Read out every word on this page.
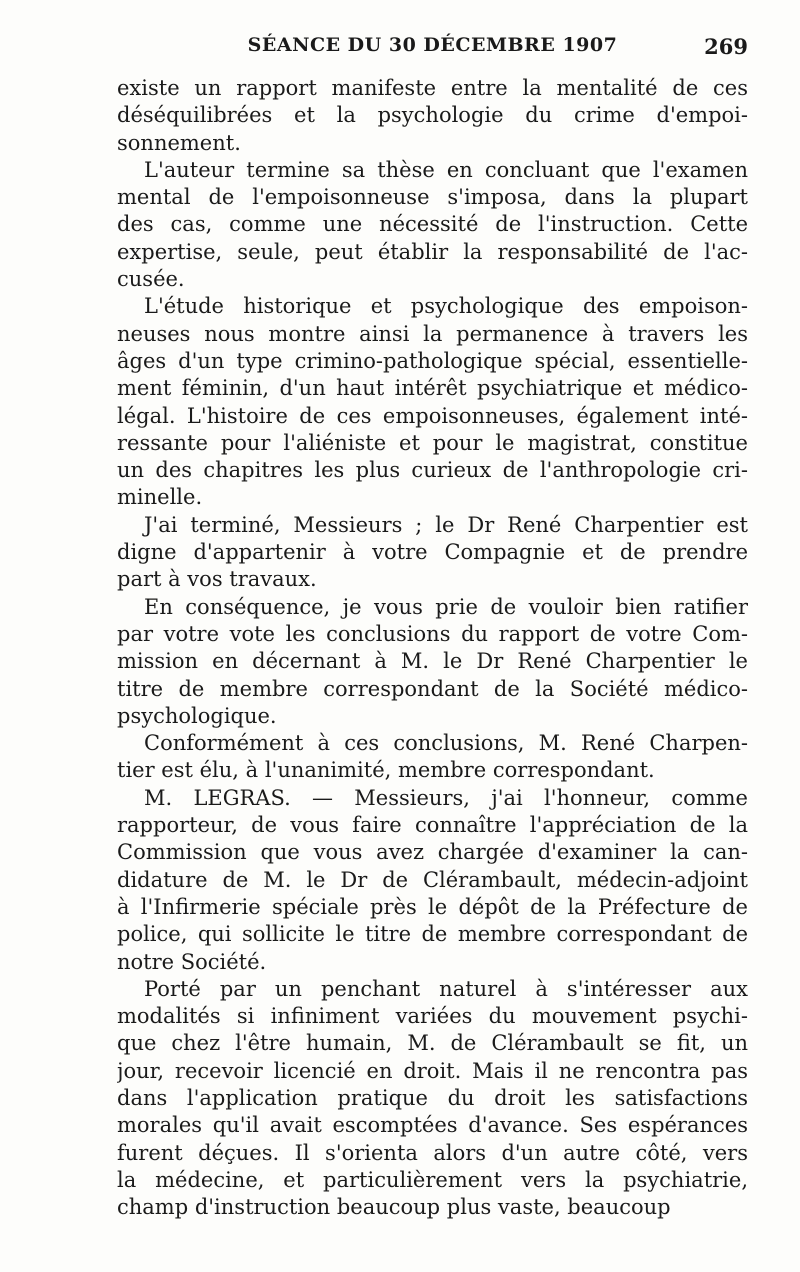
SÉANCE DU 30 DÉCEMBRE 1907	269
existe un rapport manifeste entre la mentalité de ces
déséquilibrées et la psychologie du crime d'empoi-
sonnement.
L'auteur termine sa thèse en concluant que l'examen
mental de l'empoisonneuse s'imposa, dans la plupart
des cas, comme une nécessité de l'instruction. Cette
expertise, seule, peut établir la responsabilité de l'ac-
cusée.
L'étude historique et psychologique des empoison-
neuses nous montre ainsi la permanence à travers les
âges d'un type crimino-pathologique spécial, essentielle-
ment féminin, d'un haut intérêt psychiatrique et médico-
légal. L'histoire de ces empoisonneuses, également inté-
ressante pour l'aliéniste et pour le magistrat, constitue
un des chapitres les plus curieux de l'anthropologie cri-
minelle.
J'ai terminé, Messieurs ; le Dr René Charpentier est
digne d'appartenir à votre Compagnie et de prendre
part à vos travaux.
En conséquence, je vous prie de vouloir bien ratifier
par votre vote les conclusions du rapport de votre Com-
mission en décernant à M. le Dr René Charpentier le
titre de membre correspondant de la Société médico-
psychologique.
Conformément à ces conclusions, M. René Charpen-
tier est élu, à l'unanimité, membre correspondant.
M. LEGRAS. — Messieurs, j'ai l'honneur, comme
rapporteur, de vous faire connaître l'appréciation de la
Commission que vous avez chargée d'examiner la can-
didature de M. le Dr de Clérambault, médecin-adjoint
à l'Infirmerie spéciale près le dépôt de la Préfecture de
police, qui sollicite le titre de membre correspondant de
notre Société.
Porté par un penchant naturel à s'intéresser aux
modalités si infiniment variées du mouvement psychi-
que chez l'être humain, M. de Clérambault se fit, un
jour, recevoir licencié en droit. Mais il ne rencontra pas
dans l'application pratique du droit les satisfactions
morales qu'il avait escomptées d'avance. Ses espérances
furent déçues. Il s'orienta alors d'un autre côté, vers
la médecine, et particulièrement vers la psychiatrie,
champ d'instruction beaucoup plus vaste, beaucoup
